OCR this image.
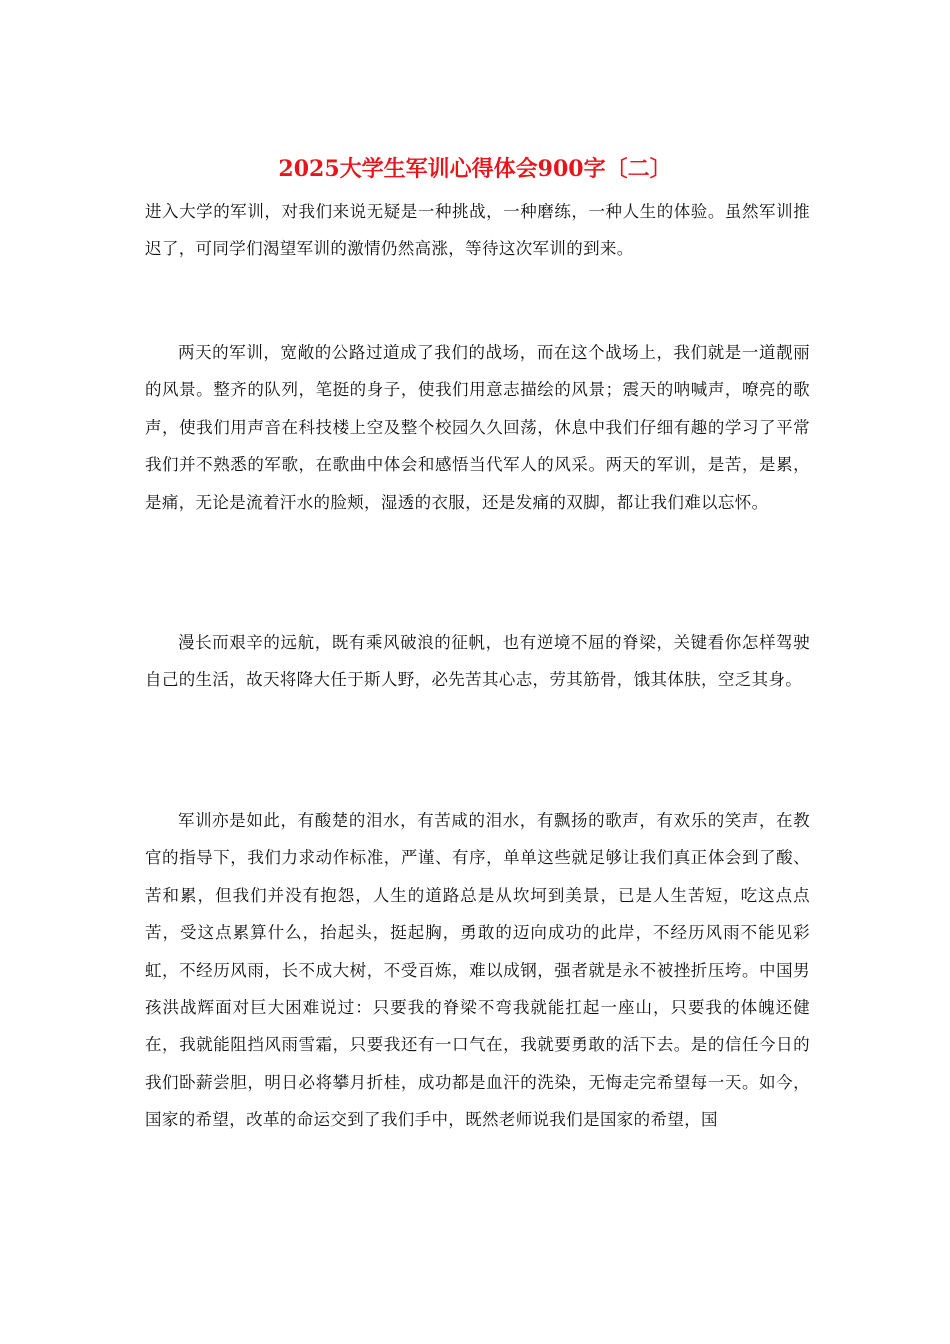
2025大学生军训心得体会900字〔二〕

进入大学的军训，对我们来说无疑是一种挑战，一种磨练，一种人生的体验。虽然军训推迟了，可同学们渴望军训的激情仍然高涨，等待这次军训的到来。

两天的军训，宽敞的公路过道成了我们的战场，而在这个战场上，我们就是一道靓丽的风景。整齐的队列，笔挺的身子，使我们用意志描绘的风景；震天的呐喊声，嘹亮的歌声，使我们用声音在科技楼上空及整个校园久久回荡，休息中我们仔细有趣的学习了平常我们并不熟悉的军歌，在歌曲中体会和感悟当代军人的风采。两天的军训，是苦，是累，是痛，无论是流着汗水的脸颊，湿透的衣服，还是发痛的双脚，都让我们难以忘怀。

漫长而艰辛的远航，既有乘风破浪的征帆，也有逆境不屈的脊梁，关键看你怎样驾驶自己的生活，故天将降大任于斯人野，必先苦其心志，劳其筋骨，饿其体肤，空乏其身。

军训亦是如此，有酸楚的泪水，有苦咸的泪水，有飘扬的歌声，有欢乐的笑声，在教官的指导下，我们力求动作标准，严谨、有序，单单这些就足够让我们真正体会到了酸、苦和累，但我们并没有抱怨，人生的道路总是从坎坷到美景，已是人生苦短，吃这点点苦，受这点累算什么，抬起头，挺起胸，勇敢的迈向成功的此岸，不经历风雨不能见彩虹，不经历风雨，长不成大树，不受百炼，难以成钢，强者就是永不被挫折压垮。中国男孩洪战辉面对巨大困难说过：只要我的脊梁不弯我就能扛起一座山，只要我的体魄还健在，我就能阻挡风雨雪霜，只要我还有一口气在，我就要勇敢的活下去。是的信任今日的我们卧薪尝胆，明日必将攀月折桂，成功都是血汗的洗染，无悔走完希望每一天。如今，国家的希望，改革的命运交到了我们手中，既然老师说我们是国家的希望，国
